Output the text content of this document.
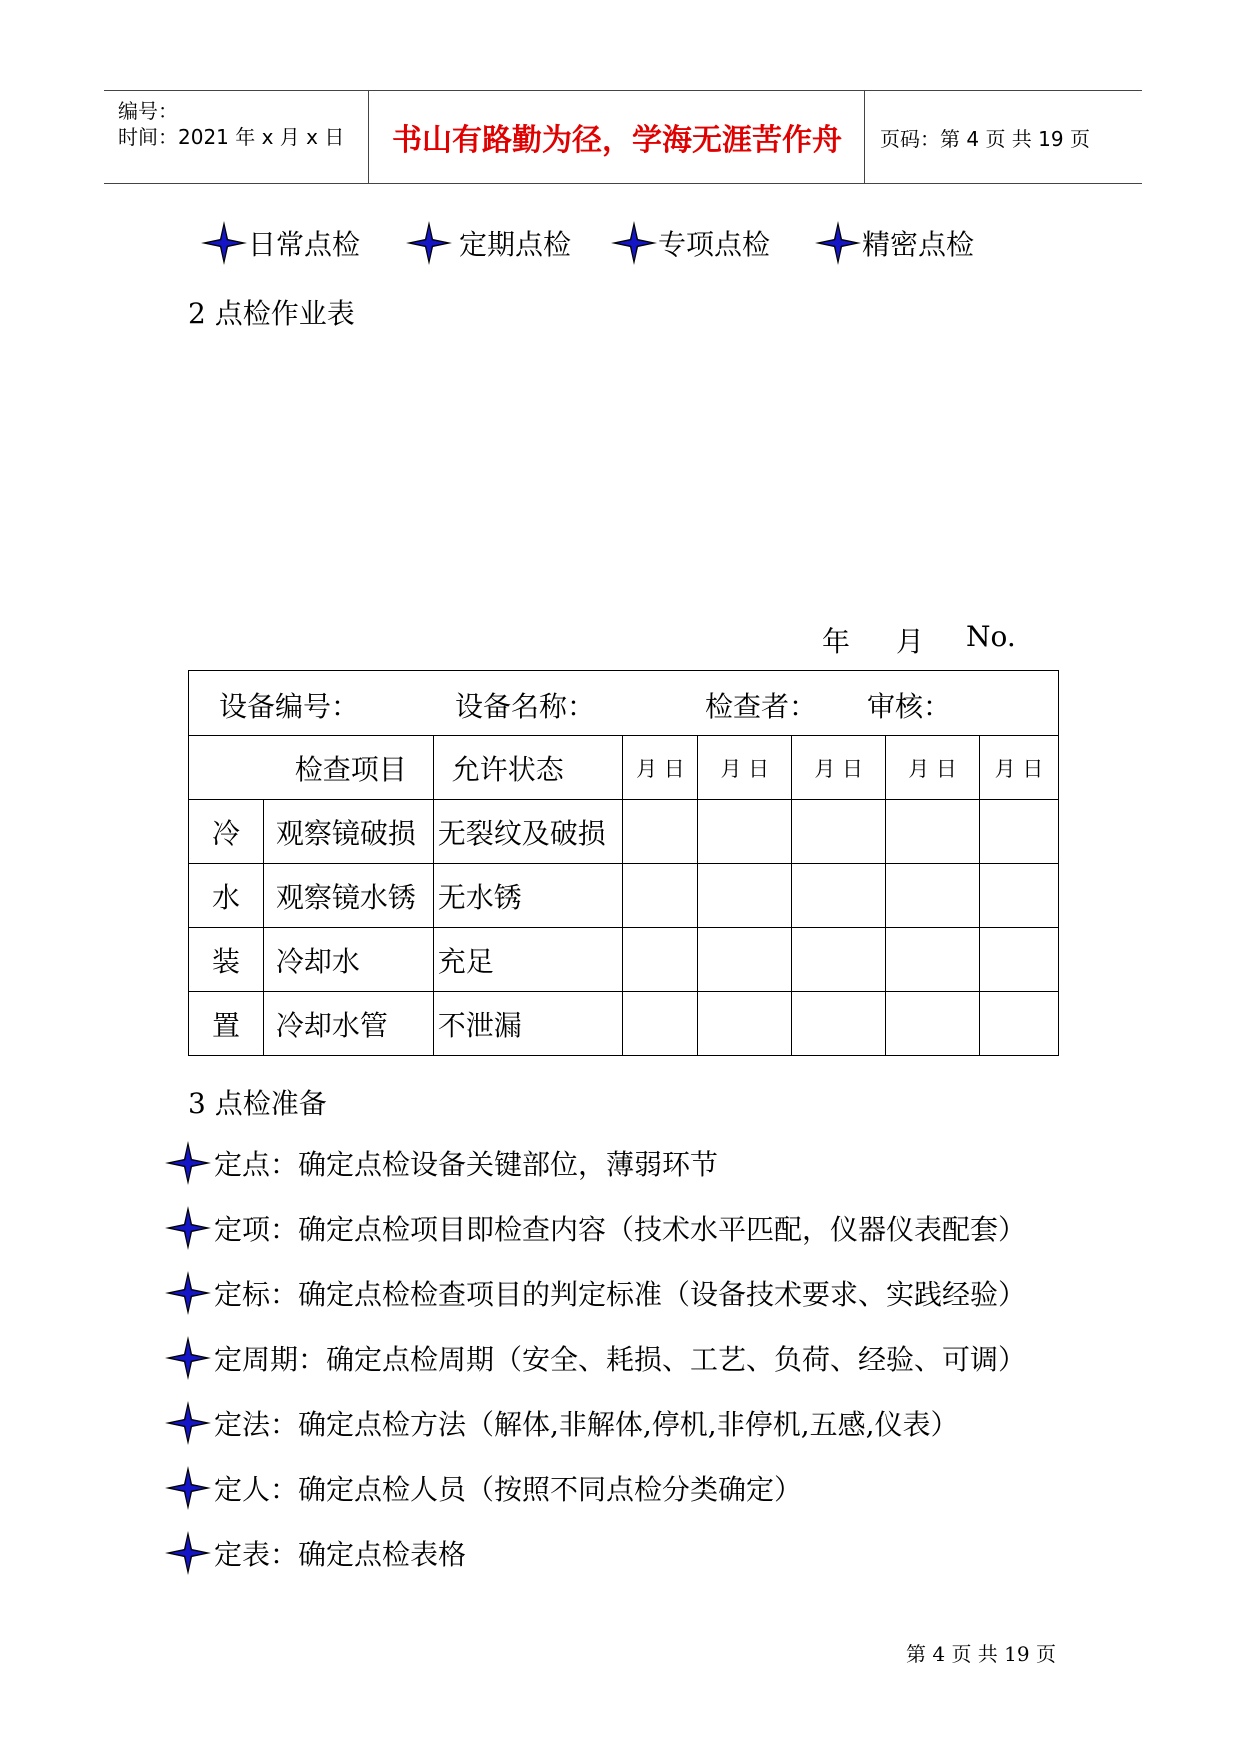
编号：
时间：2021 年 x 月 x 日	书山有路勤为径，学海无涯苦作舟	页码：第 4 页 共 19 页
日常点检	定期点检	专项点检	精密点检
2 点检作业表
年 月 No.
设备编号： 设备名称： 检查者： 审核：							

检查项目		允许状态	月 日	月 日	月 日	月 日	月 日
冷	观察镜破损	无裂纹及破损					
水	观察镜水锈	无水锈					
装	冷却水	充足					
置	冷却水管	不泄漏					
3 点检准备
定点：确定点检设备关键部位，薄弱环节
定项：确定点检项目即检查内容（技术水平匹配，仪器仪表配套）
定标：确定点检检查项目的判定标准（设备技术要求、实践经验）
定周期：确定点检周期（安全、耗损、工艺、负荷、经验、可调）
定法：确定点检方法（解体,非解体,停机,非停机,五感,仪表）
定人：确定点检人员（按照不同点检分类确定）
定表：确定点检表格
第 4 页 共 19 页
